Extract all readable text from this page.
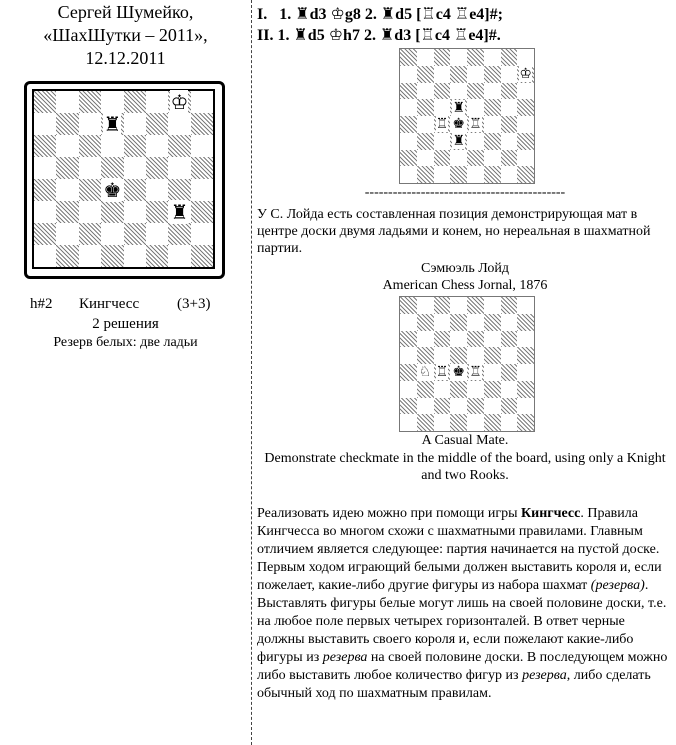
Сергей Шумейко,
«ШахШутки – 2011»,
12.12.2011
♔
♜
♚
♜
h#2 Кингчесс	(3+3)
2 решения
Резерв белых: две ладьи
I. 1. ♜d3 ♔g8 2. ♜d5 [♖c4 ♖e4]#;
II. 1. ♜d5 ♔h7 2. ♜d3 [♖c4 ♖e4]#.
♔
♜
♖ ♚ ♖
♜
-------------------------------------------
У С. Лойда есть составленная позиция демонстрирующая мат в центре доски двумя ладьями и конем, но нереальная в шахматной партии.
Сэмюэль Лойд
American Chess Jornal, 1876
♘ ♖ ♚ ♖
A Casual Mate.
Demonstrate checkmate in the middle of the board, using only a Knight and two Rooks.
Реализовать идею можно при помощи игры Кингчесс. Правила Кингчесса во многом схожи с шахматными правилами. Главным отличием является следующее: партия начинается на пустой доске. Первым ходом играющий белыми должен выставить короля и, если пожелает, какие-либо другие фигуры из набора шахмат (резерва). Выставлять фигуры белые могут лишь на своей половине доски, т.е. на любое поле первых четырех горизонталей. В ответ черные должны выставить своего короля и, если пожелают какие-либо фигуры из резерва на своей половине доски. В последующем можно либо выставить любое количество фигур из резерва, либо сделать обычный ход по шахматным правилам.
